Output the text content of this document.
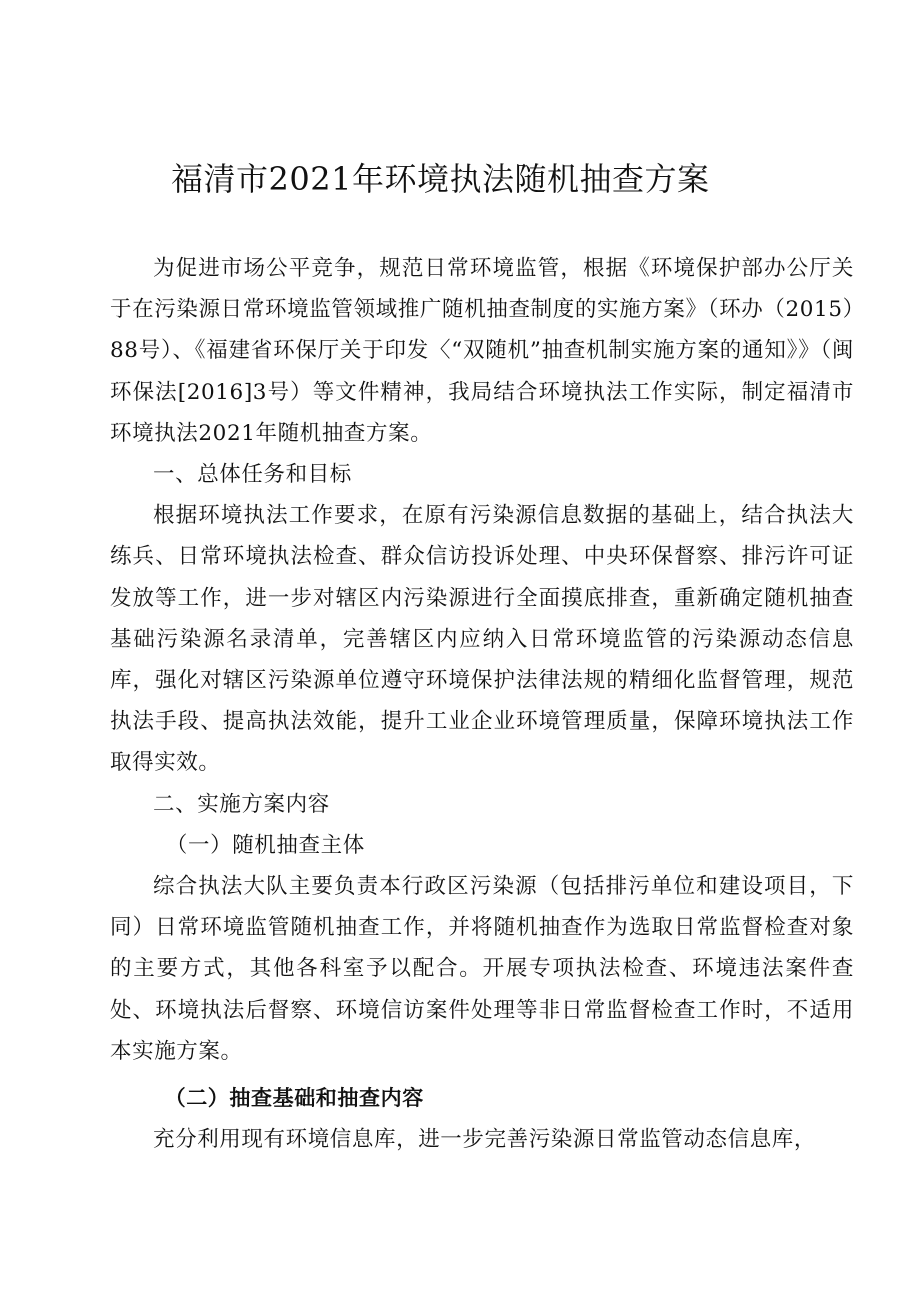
福清市2021年环境执法随机抽查方案

为促进市场公平竞争，规范日常环境监管，根据《环境保护部办公厅关于在污染源日常环境监管领域推广随机抽查制度的实施方案》（环办（2015）88号）、《福建省环保厅关于印发〈“双随机”抽查机制实施方案的通知》》（闽环保法[2016]3号）等文件精神，我局结合环境执法工作实际，制定福清市环境执法2021年随机抽查方案。

一、总体任务和目标

根据环境执法工作要求，在原有污染源信息数据的基础上，结合执法大练兵、日常环境执法检查、群众信访投诉处理、中央环保督察、排污许可证发放等工作，进一步对辖区内污染源进行全面摸底排查，重新确定随机抽查基础污染源名录清单，完善辖区内应纳入日常环境监管的污染源动态信息库，强化对辖区污染源单位遵守环境保护法律法规的精细化监督管理，规范执法手段、提高执法效能，提升工业企业环境管理质量，保障环境执法工作取得实效。

二、实施方案内容

（一）随机抽查主体

综合执法大队主要负责本行政区污染源（包括排污单位和建设项目，下同）日常环境监管随机抽查工作，并将随机抽查作为选取日常监督检查对象的主要方式，其他各科室予以配合。开展专项执法检查、环境违法案件查处、环境执法后督察、环境信访案件处理等非日常监督检查工作时，不适用本实施方案。

（二）抽查基础和抽查内容

充分利用现有环境信息库，进一步完善污染源日常监管动态信息库，
